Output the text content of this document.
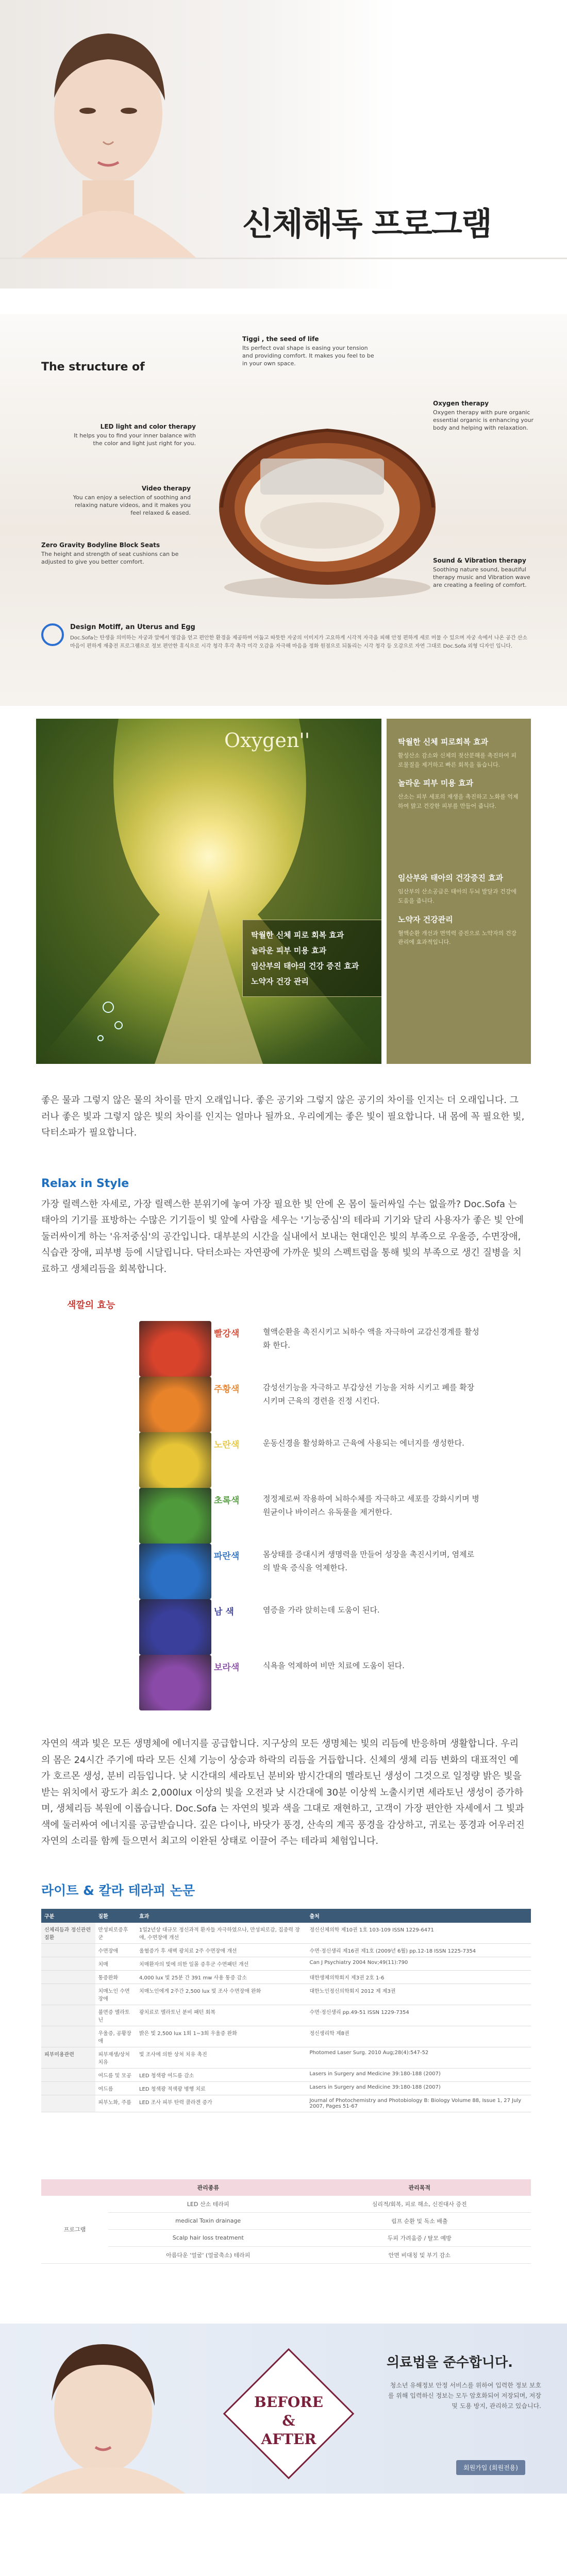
신체해독 프로그램
The structure of
Tiggi , the seed of life
Its perfect oval shape is easing your tension and providing comfort. It makes you feel to be in your own space.
LED light and color therapy
It helps you to find your inner balance with the color and light just right for you.
Oxygen therapy
Oxygen therapy with pure organic essential organic is enhancing your body and helping with relaxation.
Video therapy
You can enjoy a selection of soothing and relaxing nature videos, and it makes you feel relaxed & eased.
Zero Gravity Bodyline Block Seats
The height and strength of seat cushions can be adjusted to give you better comfort.	Sound & Vibration therapy
Soothing nature sound, beautiful therapy music and Vibration wave are creating a feeling of comfort.
Design Motiff, an Uterus and Egg
Doc.Sofa는 탄생을 의미하는 자궁과 알에서 영감을 얻고 편안한 환경을 제공하며 어둡고 따뜻한 자궁의 이미지가 고요하게 시각적 자극을 피해 안정 편하게 세로 머물 수 있으며 자궁 속에서 나온 공간 산소 마음이 편하게 재충전 프로그램으로 정보 편안한 휴식으로 시각 청각 후각 촉각 미각 오감을 자극해 마음을 정화 원점으로 되돌리는 시각 청각 등 오감으로 자연 그대로 Doc.Sofa 외형 디자인 입니다.
Oxygen''
탁월한 신체 피로 회복 효과
놀라운 피부 미용 효과
임산부의 태아의 건강 증진 효과
노약자 건강 관리
탁월한 신체 피로회복 효과
활성산소 감소와 신체의 젖산분해를 촉진하여 피로물질을 제거하고 빠른 회복을 돕습니다.
놀라운 피부 미용 효과
산소는 피부 세포의 재생을 촉진하고 노화를 억제하여 맑고 건강한 피부를 만들어 줍니다.
임산부와 태아의 건강증진 효과
임산부의 산소공급은 태아의 두뇌 발달과 건강에 도움을 줍니다.
노약자 건강관리
혈액순환 개선과 면역력 증진으로 노약자의 건강 관리에 효과적입니다.

좋은 물과 그렇지 않은 물의 차이를 만지 오래입니다. 좋은 공기와 그렇지 않은 공기의 차이를 인지는 더 오래입니다. 그러나 좋은 빛과 그렇지 않은 빛의 차이를 인지는 얼마나 될까요. 우리에게는 좋은 빛이 필요합니다. 내 몸에 꼭 필요한 빛, 닥터소파가 필요합니다.

Relax in Style

가장 릴렉스한 자세로, 가장 릴렉스한 분위기에 놓여 가장 필요한 빛 안에 온 몸이 둘러싸일 수는 없을까? Doc.Sofa 는 태아의 기기를 표방하는 수많은 기기들이 빛 앞에 사람을 세우는 '기능중심'의 테라피 기기와 달리 사용자가 좋은 빛 안에 둘러싸이게 하는 '유저중심'의 공간입니다. 대부분의 시간을 실내에서 보내는 현대인은 빛의 부족으로 우울증, 수면장애, 식습관 장애, 피부병 등에 시달립니다. 닥터소파는 자연광에 가까운 빛의 스펙트럼을 통해 빛의 부족으로 생긴 질병을 치료하고 생체리듬을 회복합니다.

색깔의 효능
빨강색	혈액순환을 촉진시키고 뇌하수 액을 자극하여 교감신경계를 활성화 한다.
주황색	감성선기능을 자극하고 부갑상선 기능을 저하 시키고 폐를 확장시키며 근육의 경련을 진정 시킨다.
노란색	운동신경을 활성화하고 근육에 사용되는 에너지를 생성한다.
초록색	정정제로써 작용하여 뇌하수체를 자극하고 세포를 강화시키며 병원균이나 바이러스 유독물을 제거한다.
파란색	몸상태를 증대시켜 생명력을 만들어 성장을 촉진시키며, 염제로의 발육 증식을 억제한다.
남 색	염증을 가라 앉히는데 도움이 된다.
보라색	식욕을 억제하여 비만 치료에 도움이 된다.

자연의 색과 빛은 모든 생명체에 에너지를 공급합니다. 지구상의 모든 생명체는 빛의 리듬에 반응하며 생활합니다. 우리의 몸은 24시간 주기에 따라 모든 신체 기능이 상승과 하락의 리듬을 거듭합니다. 신체의 생체 리듬 변화의 대표적인 예가 호르몬 생성, 분비 리듬입니다. 낮 시간대의 세라토닌 분비와 밤시간대의 멜라토닌 생성이 그것으로 일정량 밝은 빛을 받는 위치에서 광도가 최소 2,000lux 이상의 빛을 오전과 낮 시간대에 30분 이상씩 노출시키면 세라토닌 생성이 증가하며, 생체리듬 복원에 이롭습니다. Doc.Sofa 는 자연의 빛과 색을 그대로 재현하고, 고객이 가장 편안한 자세에서 그 빛과 색에 둘러싸여 에너지를 공급받습니다. 깊은 다이나, 바닷가 풍경, 산속의 계곡 풍경을 감상하고, 귀로는 풍경과 어우러진 자연의 소리를 함께 들으면서 최고의 이완된 상태로 이끌어 주는 테라피 체험입니다.

라이트 & 칼라 테라피 논문
구분	질환	효과	출처
신체리듬과 정신관련 질환	만성피로증후군	1일2년상 대규모 정신과적 환자들 자극하였으나, 만성피로감, 집중력 장애, 수면장애 개선	정신신체의학 제10권 1호 103-109 ISSN 1229-6471
	수면장애	울혈증가 후 새벽 광치료 2주 수면장애 개선	수면·정신생리 제16권 제1호 (2009년 6월) pp.12-18 ISSN 1225-7354
	치매	치매환자의 빛에 의한 일몰 증후군 수면패턴 개선	Can J Psychiatry 2004 Nov;49(11):790
	통증완화	4,000 lux 빛 25분 간 391 mw 사용 통증 감소	대한생체의학회지 제3권 2호 1-6
	치매노인 수면장애	치매노인에게 2주간 2,500 lux 빛 조사 수면장애 완화	대한노인정신의학회지 2012 제 제3권
	불면증 멜라토닌	광치료로 멜라토닌 분비 패턴 회복	수면·정신생리 pp.49-51 ISSN 1229-7354
	우울증, 공황장애	밝은 빛 2,500 lux 1회 1~3회 우울증 완화	정신생리학 제8권
피부미용관련	피부재생/상처치유	빛 조사에 의한 상처 치유 촉진	Photomed Laser Surg. 2010 Aug;28(4):547-52
	여드름 및 모공	LED 청색광 여드름 감소	Lasers in Surgery and Medicine 39:180-188 (2007)
	여드름	LED 청색광 적색광 병행 치료	Lasers in Surgery and Medicine 39:180-188 (2007)
	피부노화, 주름	LED 조사 피부 탄력 콜라겐 증가	Journal of Photochemistry and Photobiology B: Biology Volume 88, Issue 1, 27 July 2007, Pages 51-67
	관리종류	관리목적
프로그램	LED 산소 테라피	심리적/회복, 피로 해소, 신진대사 증진
	medical Toxin drainage	림프 순환 및 독소 배출
	Scalp hair loss treatment	두피 가려움증 / 탈모 예방
	아름다운 '얼굴' (얼굴축소) 테라피	안면 비대칭 및 부기 감소
BEFORE
&
AFTER
의료법을 준수합니다.
청소년 유해정보 안정 서비스를 위하여 입력한 정보 보호를 위해 입력하신 정보는 모두 암호화되어 저장되며, 저장 및 도용 방지, 관리하고 있습니다.
회원가입 (회원전용)
